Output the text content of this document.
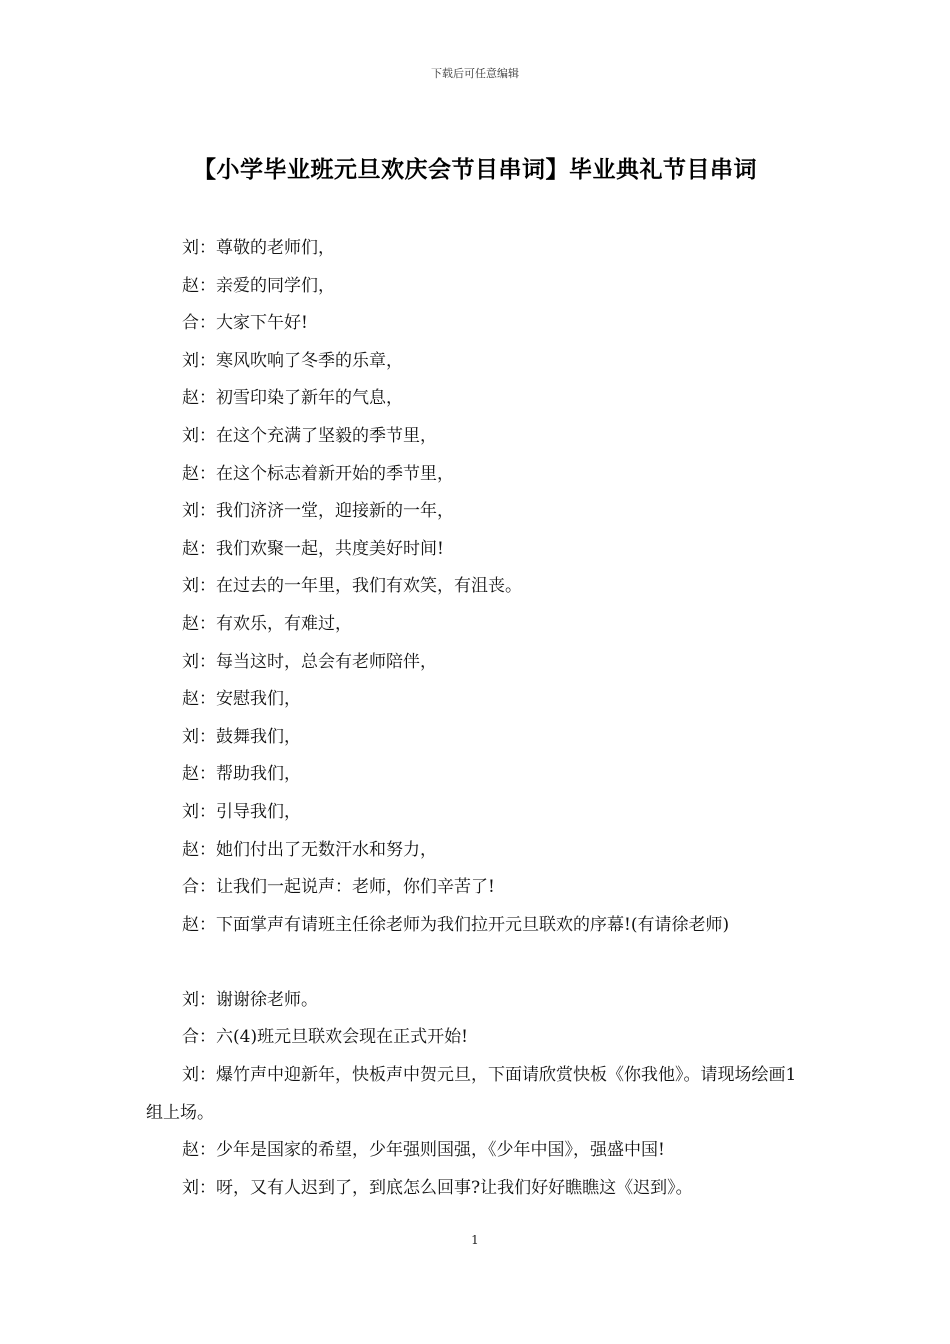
下载后可任意编辑
【小学毕业班元旦欢庆会节目串词】毕业典礼节目串词

刘：尊敬的老师们，

赵：亲爱的同学们，

合：大家下午好!

刘：寒风吹响了冬季的乐章，

赵：初雪印染了新年的气息，

刘：在这个充满了坚毅的季节里，

赵：在这个标志着新开始的季节里，

刘：我们济济一堂，迎接新的一年，

赵：我们欢聚一起，共度美好时间!

刘：在过去的一年里，我们有欢笑，有沮丧。

赵：有欢乐，有难过，

刘：每当这时，总会有老师陪伴，

赵：安慰我们，

刘：鼓舞我们，

赵：帮助我们，

刘：引导我们，

赵：她们付出了无数汗水和努力，

合：让我们一起说声：老师，你们辛苦了!

赵：下面掌声有请班主任徐老师为我们拉开元旦联欢的序幕!(有请徐老师)

刘：谢谢徐老师。

合：六(4)班元旦联欢会现在正式开始!

刘：爆竹声中迎新年，快板声中贺元旦，下面请欣赏快板《你我他》。请现场绘画1组上场。

赵：少年是国家的希望，少年强则国强，《少年中国》，强盛中国!

刘：呀，又有人迟到了，到底怎么回事?让我们好好瞧瞧这《迟到》。

1
